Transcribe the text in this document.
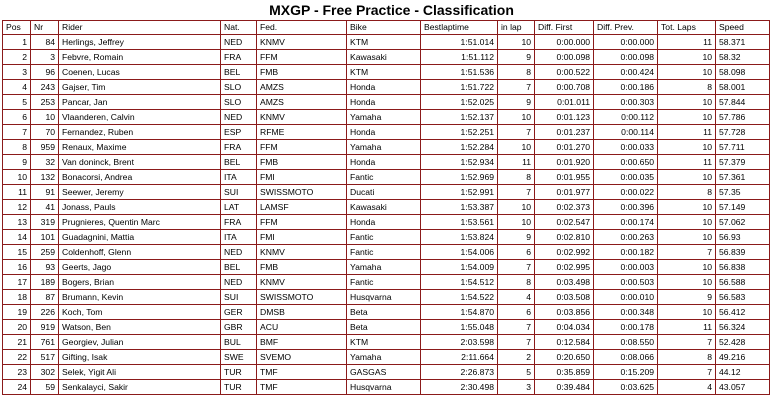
MXGP - Free Practice - Classification
Pos	Nr	Rider	Nat.	Fed.	Bike	Bestlaptime	in lap	Diff. First	Diff. Prev.	Tot. Laps	Speed
1	84	Herlings, Jeffrey	NED	KNMV	KTM	1:51.014	10	0:00.000	0:00.000	11	58.371
2	3	Febvre, Romain	FRA	FFM	Kawasaki	1:51.112	9	0:00.098	0:00.098	10	58.32
3	96	Coenen, Lucas	BEL	FMB	KTM	1:51.536	8	0:00.522	0:00.424	10	58.098
4	243	Gajser, Tim	SLO	AMZS	Honda	1:51.722	7	0:00.708	0:00.186	8	58.001
5	253	Pancar, Jan	SLO	AMZS	Honda	1:52.025	9	0:01.011	0:00.303	10	57.844
6	10	Vlaanderen, Calvin	NED	KNMV	Yamaha	1:52.137	10	0:01.123	0:00.112	10	57.786
7	70	Fernandez, Ruben	ESP	RFME	Honda	1:52.251	7	0:01.237	0:00.114	11	57.728
8	959	Renaux, Maxime	FRA	FFM	Yamaha	1:52.284	10	0:01.270	0:00.033	10	57.711
9	32	Van doninck, Brent	BEL	FMB	Honda	1:52.934	11	0:01.920	0:00.650	11	57.379
10	132	Bonacorsi, Andrea	ITA	FMI	Fantic	1:52.969	8	0:01.955	0:00.035	10	57.361
11	91	Seewer, Jeremy	SUI	SWISSMOTO	Ducati	1:52.991	7	0:01.977	0:00.022	8	57.35
12	41	Jonass, Pauls	LAT	LAMSF	Kawasaki	1:53.387	10	0:02.373	0:00.396	10	57.149
13	319	Prugnieres, Quentin Marc	FRA	FFM	Honda	1:53.561	10	0:02.547	0:00.174	10	57.062
14	101	Guadagnini, Mattia	ITA	FMI	Fantic	1:53.824	9	0:02.810	0:00.263	10	56.93
15	259	Coldenhoff, Glenn	NED	KNMV	Fantic	1:54.006	6	0:02.992	0:00.182	7	56.839
16	93	Geerts, Jago	BEL	FMB	Yamaha	1:54.009	7	0:02.995	0:00.003	10	56.838
17	189	Bogers, Brian	NED	KNMV	Fantic	1:54.512	8	0:03.498	0:00.503	10	56.588
18	87	Brumann, Kevin	SUI	SWISSMOTO	Husqvarna	1:54.522	4	0:03.508	0:00.010	9	56.583
19	226	Koch, Tom	GER	DMSB	Beta	1:54.870	6	0:03.856	0:00.348	10	56.412
20	919	Watson, Ben	GBR	ACU	Beta	1:55.048	7	0:04.034	0:00.178	11	56.324
21	761	Georgiev, Julian	BUL	BMF	KTM	2:03.598	7	0:12.584	0:08.550	7	52.428
22	517	Gifting, Isak	SWE	SVEMO	Yamaha	2:11.664	2	0:20.650	0:08.066	8	49.216
23	302	Selek, Yigit Ali	TUR	TMF	GASGAS	2:26.873	5	0:35.859	0:15.209	7	44.12
24	59	Senkalayci, Sakir	TUR	TMF	Husqvarna	2:30.498	3	0:39.484	0:03.625	4	43.057
